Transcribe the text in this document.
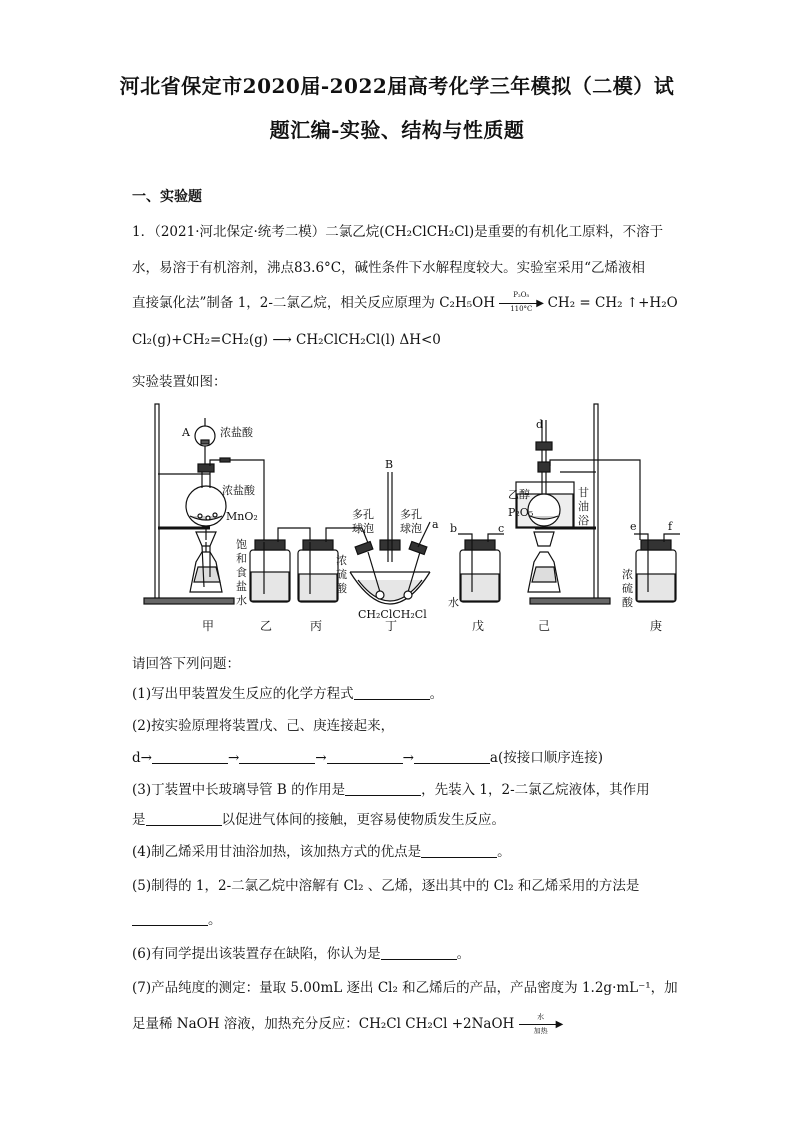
河北省保定市2020届-2022届高考化学三年模拟（二模）试
题汇编-实验、结构与性质题
一、实验题
1．（2021·河北保定·统考二模）二氯乙烷(CH₂ClCH₂Cl)是重要的有机化工原料，不溶于
水，易溶于有机溶剂，沸点83.6°C，碱性条件下水解程度较大。实验室采用“乙烯液相
直接氯化法”制备 1，2-二氯乙烷，相关反应原理为 C₂H₅OH
P₂O₅
▶
110°C	CH₂ = CH₂ ↑+H₂O
Cl₂(g)+CH₂=CH₂(g) ⟶ CH₂ClCH₂Cl(l) ΔH<0
实验装置如图：
A	浓盐酸
浓盐酸
MnO₂
饱
和
食
盐
水
浓
硫
酸
B
多孔
球泡
多孔
球泡 a
CH₂ClCH₂Cl
b	c
水
d
乙醇
P₂O₅
甘
油
浴	e	f
浓
硫
酸
甲	乙	丙	丁	戊	己	庚
请回答下列问题：
(1)写出甲装置发生反应的化学方程式	。
(2)按实验原理将装置戊、己、庚连接起来，
d→	→	→	→	a(按接口顺序连接)
(3)丁装置中长玻璃导管 B 的作用是	，先装入 1，2-二氯乙烷液体，其作用
是	以促进气体间的接触，更容易使物质发生反应。
(4)制乙烯采用甘油浴加热，该加热方式的优点是	。
(5)制得的 1，2-二氯乙烷中溶解有 Cl₂ 、乙烯，逐出其中的 Cl₂ 和乙烯采用的方法是
。
(6)有同学提出该装置存在缺陷，你认为是	。
(7)产品纯度的测定：量取 5.00mL 逐出 Cl₂ 和乙烯后的产品，产品密度为 1.2g·mL⁻¹，加
足量稀 NaOH 溶液，加热充分反应：CH₂Cl CH₂Cl +2NaOH	水
▶
加热
